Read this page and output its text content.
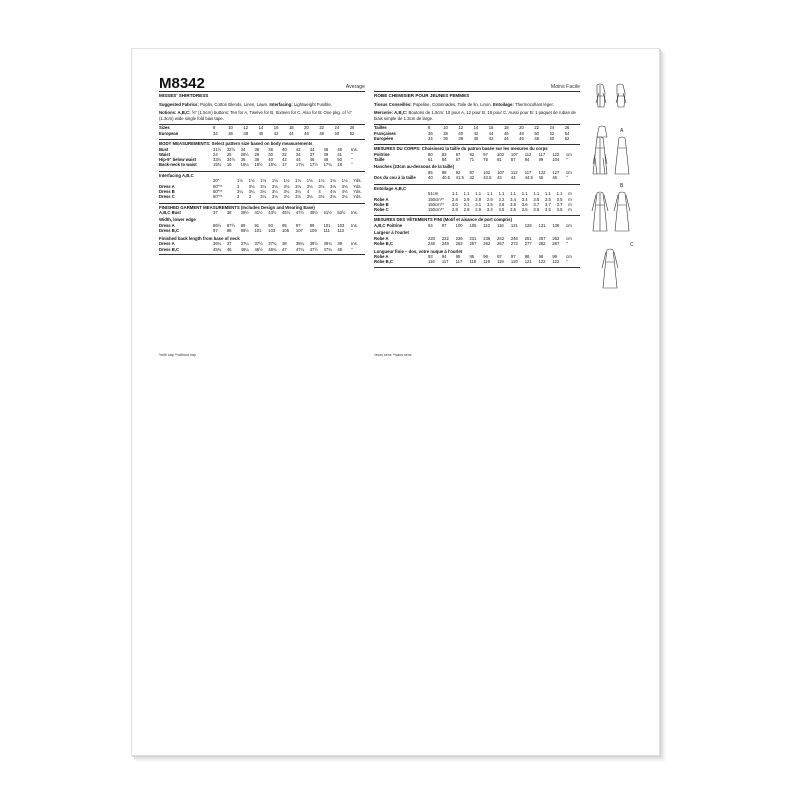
M8342	Average
MISSES' SHIRTDRESS
Suggested Fabrics: Poplin, Cotton Blends, Linen, Lawn. Interfacing: Lightweight Fusible.
Notions: A,B,C: ⅝" (1.5cm) buttons: Ten for A, Twelve for B, Sixteen for C. Also for B: One pkg. of ½" (1.3cm) wide single fold bias tape.
Sizes	8	10	12	14	16	18	20	22	24	26
European	34	36	38	40	42	44	46	48	50	52
BODY MEASUREMENTS: Select pattern size based on body measurements
Bust	31½	32½	34	36	38	40	42	44	46	48	Ins.
Waist	24	25	26½	28	30	32	34	37	39	41	"
Hip-9" below waist	33½	34½	36	38	40	42	44	46	48	50	"
Back-neck to waist	15¾	16	16¼	16½	16¾	17	17¼	17½	17¾	18	"
Interfacing A,B,C
	20"	1⅛	1⅛	1⅛	1⅛	1⅛	1⅛	1⅛	1⅛	1⅛	1⅛	Yds.
Dress A	60"**	3	3⅛	3⅛	3⅛	3⅛	3⅛	3⅛	3⅛	3⅛	3⅛	Yds.
Dress B	60"**	3¼	3¼	3¼	3¼	3¼	3¼	4	4	4⅛	4⅛	Yds.
Dress C	60"**	3	3	3⅛	3⅛	3⅛	3⅛	3⅛	3⅛	3⅛	3⅛	Yds.
FINISHED GARMENT MEASUREMENTS (Includes Design and Wearing Ease)
A,B,C Bust	37	38	39½	41½	43½	45½	47½	49½	51½	53½	Ins.
Width, lower edge
Dress A	86½	87½	89	91	93	95	97	99	101	103	Ins.
Dress B,C	97	98	99½	101	103	105	107	109	111	113	"
Finished back length from base of neck
Dress A	36¾	37	37¼	37½	37¾	38	38¼	38½	38¾	39	Ins.
Dress B,C	45¾	46	46¼	46½	46¾	47	47¼	47½	47¾	48	"
*with nap **without nap
Moins Facile
ROBE CHEMISIER POUR JEUNES FEMMES
Tissus Conseillés: Popeline, Cotonnades, Toile de lin, Linon. Entoilage: Thermocollant léger.
Mercerie: A,B,C: Boutons de 1.5cm: 10 pour A, 12 pour B, 16 pour C. Aussi pour B: 1 paquet de ruban de biais simple de 1.3cm de large.
Tailles	8	10	12	14	16	18	20	22	24	26
Françaises	36	38	40	42	44	46	48	50	52	54
Européen	34	36	38	40	42	44	46	48	50	52
MESURES DU CORPS: Choisissez la taille du patron basée sur les mesures du corps
Poitrine	80	83	87	92	97	102	107	112	117	122	cm
Taille	61	64	67	71	76	81	87	94	99	104	"
Hanches (23cm au-dessous de la taille)
	85	88	92	97	102	107	112	117	122	127	cm
Dos du cou à la taille	40	40.5	41.5	42	42.5	43	44	44.5	45	46	"
Entoilage A,B,C
	51cm	1.1	1.1	1.1	1.1	1.1	1.1	1.1	1.1	1.1	1.1	m
Robe A	150cm**	2.8	2.9	2.9	2.9	3.2	3.4	3.4	3.5	3.5	3.5	m
Robe B	150cm**	3.0	3.1	3.1	3.5	3.6	3.6	3.6	3.7	3.7	3.7	m
Robe C	150cm**	2.8	2.8	2.9	3.4	3.5	3.5	3.5	3.5	3.5	3.5	m
MESURES DES VÊTEMENTS FINI (Motif et aisance de port compris)
A,B,C Poitrine	94	97	100	105	110	116	121	126	131	136	cm
Largeur à l'ourlet
Robe A	220	222	226	231	236	242	246	251	257	262	cm
Robe B,C	246	249	253	257	262	267	272	277	282	287	"
Longueur finie – dos, votre nuque à l'ourlet
Robe A	93	94	95	95	96	97	97	98	98	99	cm
Robe B,C	116	117	117	118	119	119	120	121	122	122	"
*avec sens **sans sens
A
B
C
